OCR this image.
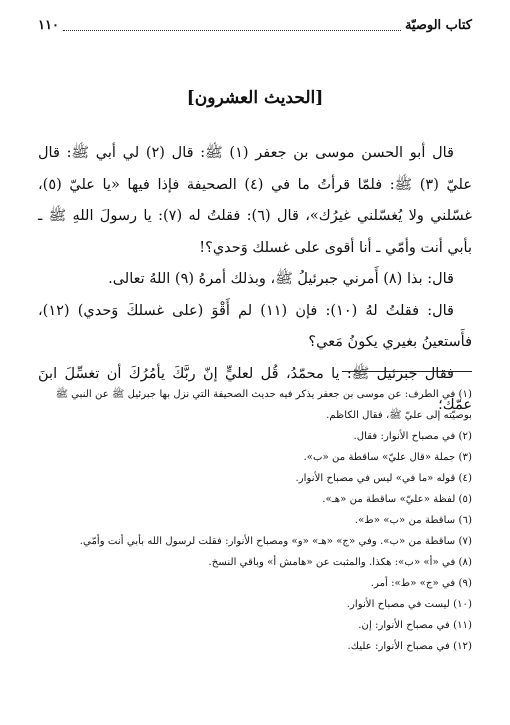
كتاب الوصيّة
١١٠
[الحديث العشرون]

قال أبو الحسن موسى بن جعفر (١) ﷺ: قال (٢) لي أبي ﷺ: قال عليّ (٣) ﷺ: فلمّا قرأتُ ما في (٤) الصحيفة فإذا فيها «يا عليّ (٥)، غسّلني ولا يُغسّلني غيرُك»، قال (٦): فقلتُ له (٧): يا رسولَ اللهِ ﷺ ـ بأبي أنت وأمّي ـ أنا أقوى على غسلك وَحدي؟!

قال: بذا (٨) أَمرني جبرئيلُ ﷺ، وبذلك أمرهُ (٩) اللهُ تعالى.

قال: فقلتُ لهُ (١٠): فإن (١١) لم أَقْوَ (على غسلكَ وَحدي) (١٢)، فأَستعينُ بغيري يكونُ مَعي؟

فقال جبرئيل ﷺ: يا محمّدُ، قُل لعليٍّ إنّ ربَّكَ يأمُرُكَ أن تغسِّلَ ابنَ عمّك؛

(١) في الطرف: عن موسى بن جعفر يذكر فيه حديث الصحيفة التي نزل بها جبرئيل ﷺ عن النبي ﷺ بوصيّته إلى عليّ ﷺ، فقال الكاظم.

(٢) في مصباح الأنوار: فقال.

(٣) جملة «قال عليّ» ساقطة من «ب».

(٤) قوله «ما في» ليس في مصباح الأنوار.

(٥) لفظة «عليّ» ساقطة من «هـ».

(٦) ساقطة من «ب» «ط».

(٧) ساقطة من «ب». وفي «ج» «هـ» «و» ومصباح الأنوار: فقلت لرسول الله بأبي أنت وأمّي.

(٨) في «أ» «ب»: هكذا. والمثبت عن «هامش أ» وباقي النسخ.

(٩) في «ج» «ط»: أمر.

(١٠) ليست في مصباح الأنوار.

(١١) في مصباح الأنوار: إن.

(١٢) في مصباح الأنوار: عليك.
